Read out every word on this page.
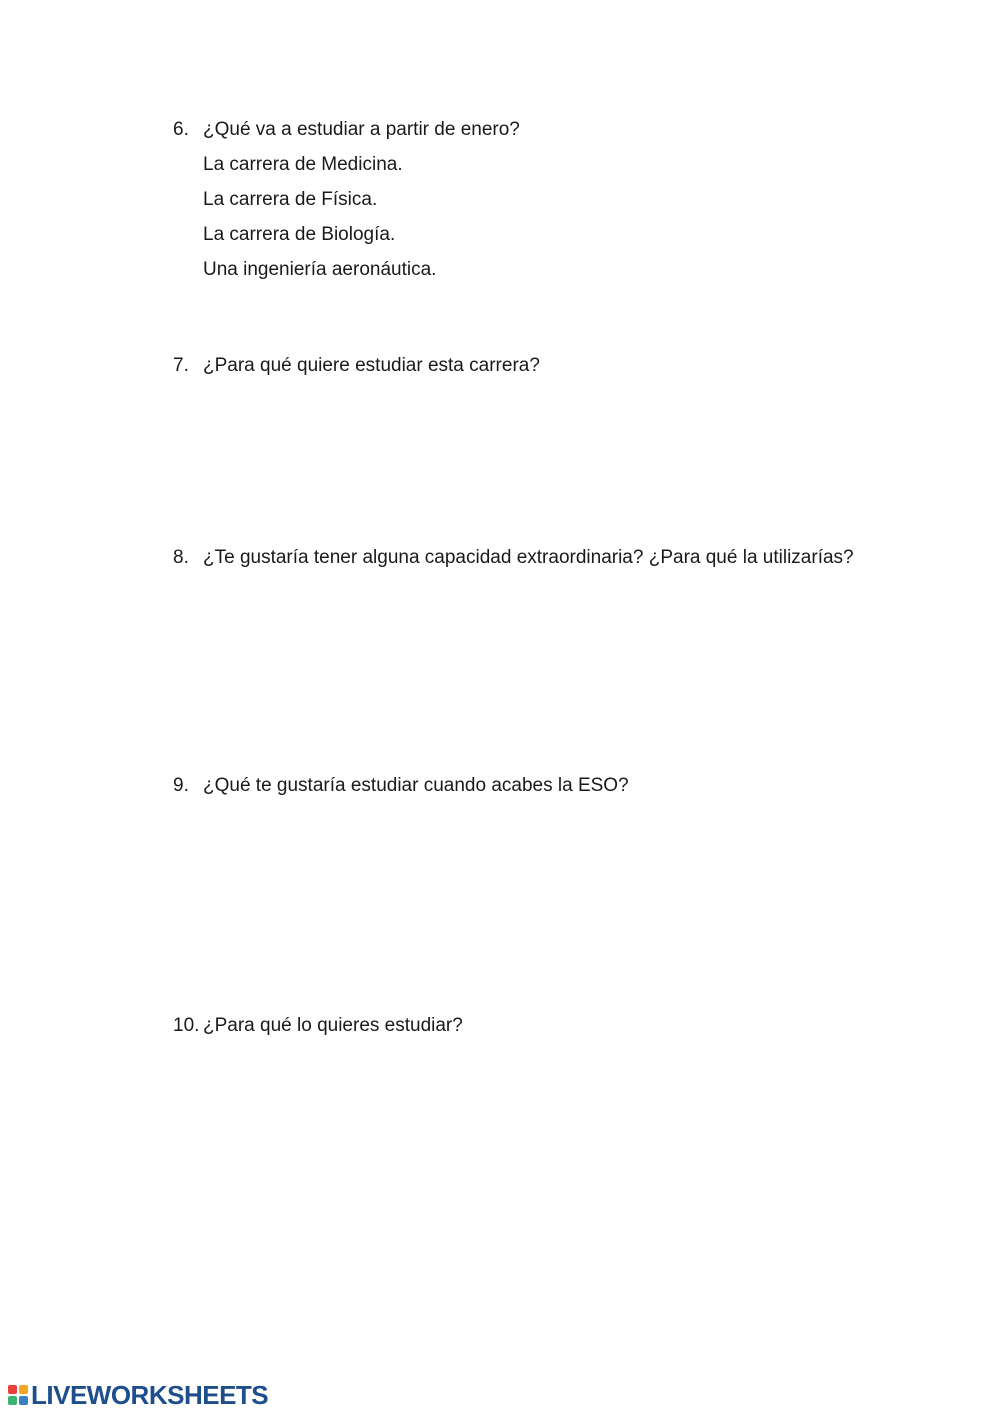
6. ¿Qué va a estudiar a partir de enero?
La carrera de Medicina.
La carrera de Física.
La carrera de Biología.
Una ingeniería aeronáutica.
7. ¿Para qué quiere estudiar esta carrera?
8. ¿Te gustaría tener alguna capacidad extraordinaria? ¿Para qué la utilizarías?
9. ¿Qué te gustaría estudiar cuando acabes la ESO?
10. ¿Para qué lo quieres estudiar?
LIVEWORKSHEETS
